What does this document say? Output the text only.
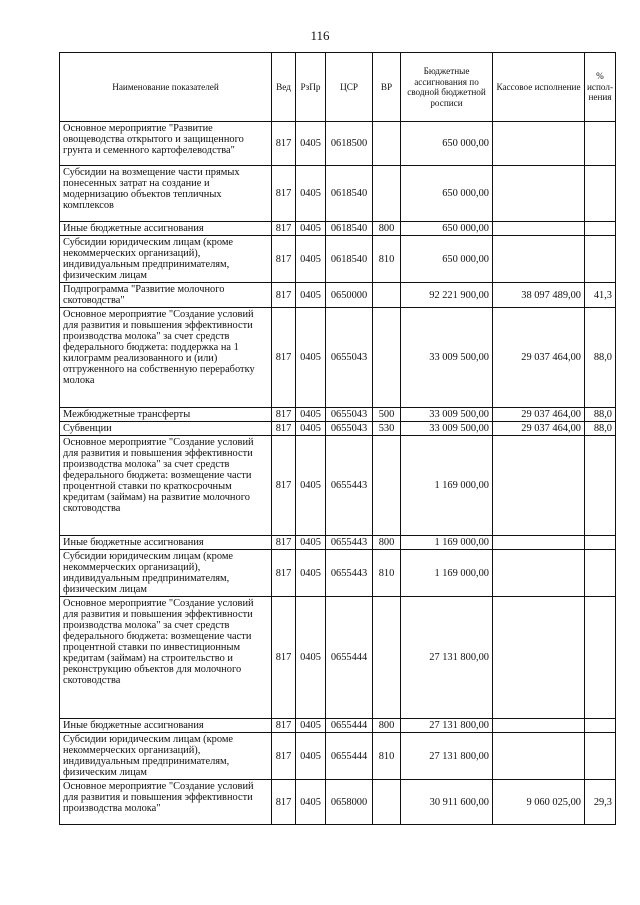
116
Наименование показателей	Вед	РзПр	ЦСР	ВР	Бюджетные ассигнования по сводной бюджетной росписи	Кассовое исполнение	% испол-нения
Основное мероприятие "Развитие овощеводства открытого и защищенного грунта и семенного картофелеводства"	817	0405	0618500		650 000,00		
Субсидии на возмещение части прямых понесенных затрат на создание и модернизацию объектов тепличных комплексов	817	0405	0618540		650 000,00		
Иные бюджетные ассигнования	817	0405	0618540	800	650 000,00		
Субсидии юридическим лицам (кроме некоммерческих организаций), индивидуальным предпринимателям, физическим лицам	817	0405	0618540	810	650 000,00		
Подпрограмма "Развитие молочного скотоводства"	817	0405	0650000		92 221 900,00	38 097 489,00	41,3
Основное мероприятие "Создание условий для развития и повышения эффективности производства молока" за счет средств федерального бюджета: поддержка на 1 килограмм реализованного и (или) отгруженного на собственную переработку молока	817	0405	0655043		33 009 500,00	29 037 464,00	88,0
Межбюджетные трансферты	817	0405	0655043	500	33 009 500,00	29 037 464,00	88,0
Субвенции	817	0405	0655043	530	33 009 500,00	29 037 464,00	88,0
Основное мероприятие "Создание условий для развития и повышения эффективности производства молока" за счет средств федерального бюджета: возмещение части процентной ставки по краткосрочным кредитам (займам) на развитие молочного скотоводства	817	0405	0655443		1 169 000,00		
Иные бюджетные ассигнования	817	0405	0655443	800	1 169 000,00		
Субсидии юридическим лицам (кроме некоммерческих организаций), индивидуальным предпринимателям, физическим лицам	817	0405	0655443	810	1 169 000,00		
Основное мероприятие "Создание условий для развития и повышения эффективности производства молока" за счет средств федерального бюджета: возмещение части процентной ставки по инвестиционным кредитам (займам) на строительство и реконструкцию объектов для молочного скотоводства	817	0405	0655444		27 131 800,00		
Иные бюджетные ассигнования	817	0405	0655444	800	27 131 800,00		
Субсидии юридическим лицам (кроме некоммерческих организаций), индивидуальным предпринимателям, физическим лицам	817	0405	0655444	810	27 131 800,00		
Основное мероприятие "Создание условий для развития и повышения эффективности производства молока"	817	0405	0658000		30 911 600,00	9 060 025,00	29,3
